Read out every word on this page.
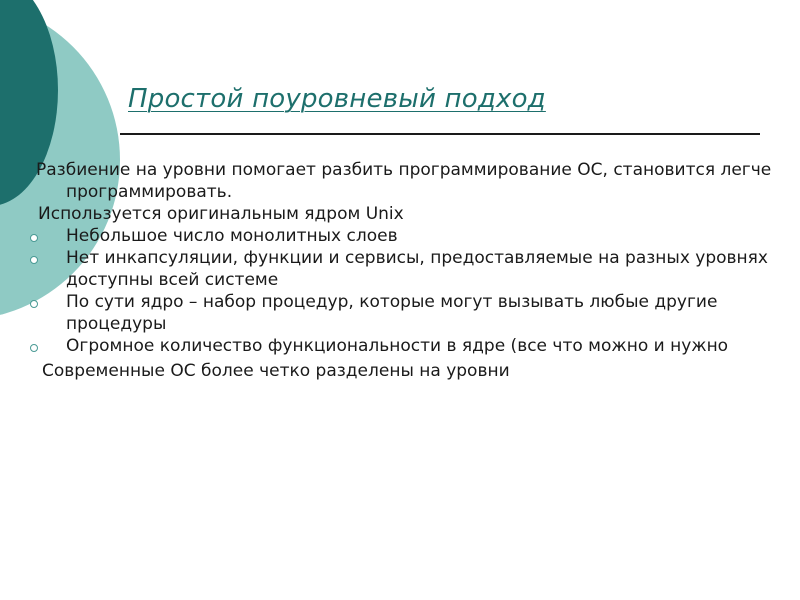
Простой поуровневый подход

Разбиение на уровни помогает разбить программирование ОС, становится легче программировать.

Используется оригинальным ядром Unix

Небольшое число монолитных слоев
Нет инкапсуляции, функции и сервисы, предоставляемые на разных уровнях доступны всей системе
По сути ядро – набор процедур, которые могут вызывать любые другие процедуры
Огромное количество функциональности в ядре (все что можно и нужно

Современные ОС более четко разделены на уровни
